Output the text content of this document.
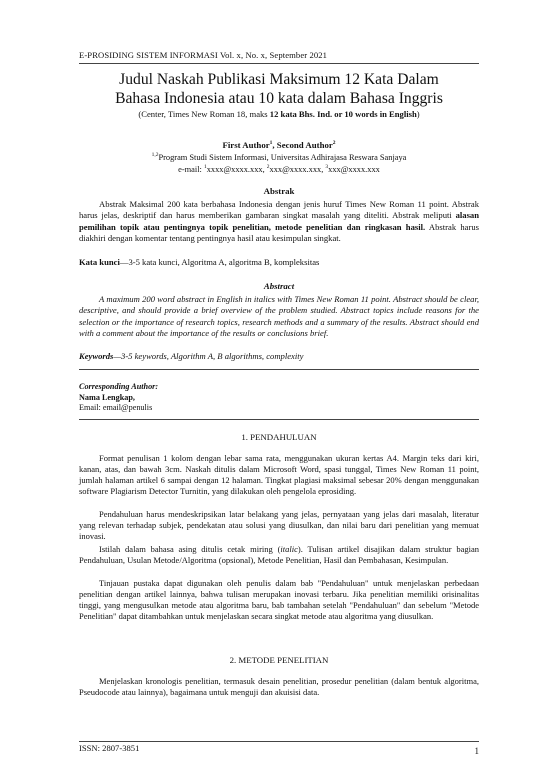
E-PROSIDING SISTEM INFORMASI Vol. x, No. x, September 2021
Judul Naskah Publikasi Maksimum 12 Kata Dalam
Bahasa Indonesia atau 10 kata dalam Bahasa Inggris
(Center, Times New Roman 18, maks 12 kata Bhs. Ind. or 10 words in English)
First Author$^1$, Second Author$^2$
$^{1,2}$Program Studi Sistem Informasi, Universitas Adhirajasa Reswara Sanjaya
e-mail: $^1$xxxx@xxxx.xxx, $^2$xxx@xxxx.xxx, $^3$xxx@xxxx.xxx
Abstrak

Abstrak Maksimal 200 kata berbahasa Indonesia dengan jenis huruf Times New Roman 11 point. Abstrak harus jelas, deskriptif dan harus memberikan gambaran singkat masalah yang diteliti. Abstrak meliputi alasan pemilihan topik atau pentingnya topik penelitian, metode penelitian dan ringkasan hasil. Abstrak harus diakhiri dengan komentar tentang pentingnya hasil atau kesimpulan singkat.

Kata kunci—3-5 kata kunci, Algoritma A, algoritma B, kompleksitas
Abstract

A maximum 200 word abstract in English in italics with Times New Roman 11 point. Abstract should be clear, descriptive, and should provide a brief overview of the problem studied. Abstract topics include reasons for the selection or the importance of research topics, research methods and a summary of the results. Abstract should end with a comment about the importance of the results or conclusions brief.

Keywords—3-5 keywords, Algorithm A, B algorithms, complexity
Corresponding Author:
Nama Lengkap,
Email: email@penulis
1. PENDAHULUAN

Format penulisan 1 kolom dengan lebar sama rata, menggunakan ukuran kertas A4. Margin teks dari kiri, kanan, atas, dan bawah 3cm. Naskah ditulis dalam Microsoft Word, spasi tunggal, Times New Roman 11 point, jumlah halaman artikel 6 sampai dengan 12 halaman. Tingkat plagiasi maksimal sebesar 20% dengan menggunakan software Plagiarism Detector Turnitin, yang dilakukan oleh pengelola eprosiding.

Pendahuluan harus mendeskripsikan latar belakang yang jelas, pernyataan yang jelas dari masalah, literatur yang relevan terhadap subjek, pendekatan atau solusi yang diusulkan, dan nilai baru dari penelitian yang memuat inovasi.

Istilah dalam bahasa asing ditulis cetak miring (italic). Tulisan artikel disajikan dalam struktur bagian Pendahuluan, Usulan Metode/Algoritma (opsional), Metode Penelitian, Hasil dan Pembahasan, Kesimpulan.

Tinjauan pustaka dapat digunakan oleh penulis dalam bab "Pendahuluan" untuk menjelaskan perbedaan penelitian dengan artikel lainnya, bahwa tulisan merupakan inovasi terbaru. Jika penelitian memiliki orisinalitas tinggi, yang mengusulkan metode atau algoritma baru, bab tambahan setelah "Pendahuluan" dan sebelum "Metode Penelitian" dapat ditambahkan untuk menjelaskan secara singkat metode atau algoritma yang diusulkan.

2. METODE PENELITIAN

Menjelaskan kronologis penelitian, termasuk desain penelitian, prosedur penelitian (dalam bentuk algoritma, Pseudocode atau lainnya), bagaimana untuk menguji dan akuisisi data.

ISSN: 2807-3851	1
